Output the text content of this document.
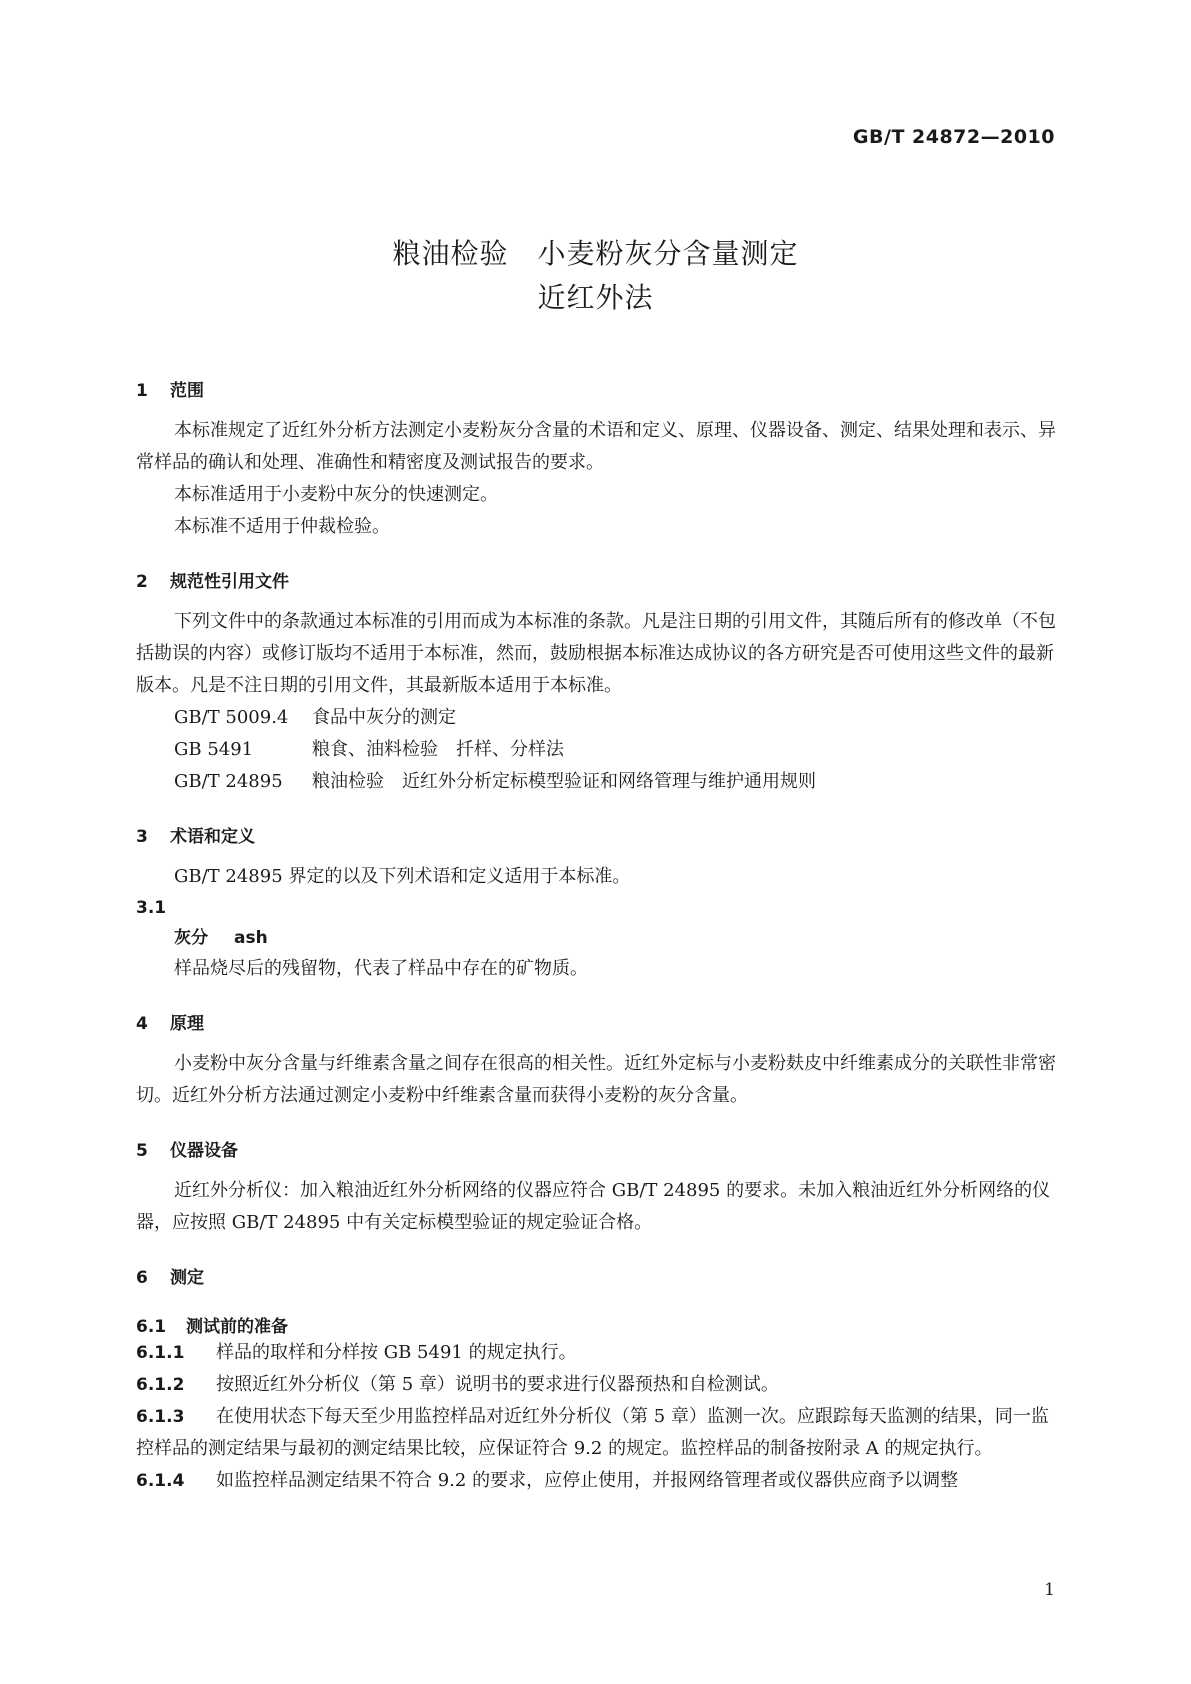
GB/T 24872—2010
粮油检验　小麦粉灰分含量测定
近红外法

1 范围

本标准规定了近红外分析方法测定小麦粉灰分含量的术语和定义、原理、仪器设备、测定、结果处理和表示、异常样品的确认和处理、准确性和精密度及测试报告的要求。

本标准适用于小麦粉中灰分的快速测定。

本标准不适用于仲裁检验。

2 规范性引用文件

下列文件中的条款通过本标准的引用而成为本标准的条款。凡是注日期的引用文件，其随后所有的修改单（不包括勘误的内容）或修订版均不适用于本标准，然而，鼓励根据本标准达成协议的各方研究是否可使用这些文件的最新版本。凡是不注日期的引用文件，其最新版本适用于本标准。

GB/T 5009.4 食品中灰分的测定

GB 5491	粮食、油料检验　扦样、分样法

GB/T 24895 粮油检验　近红外分析定标模型验证和网络管理与维护通用规则

3 术语和定义

GB/T 24895 界定的以及下列术语和定义适用于本标准。

3.1

灰分 ash

样品烧尽后的残留物，代表了样品中存在的矿物质。

4 原理

小麦粉中灰分含量与纤维素含量之间存在很高的相关性。近红外定标与小麦粉麸皮中纤维素成分的关联性非常密切。近红外分析方法通过测定小麦粉中纤维素含量而获得小麦粉的灰分含量。

5 仪器设备

近红外分析仪：加入粮油近红外分析网络的仪器应符合 GB/T 24895 的要求。未加入粮油近红外分析网络的仪器，应按照 GB/T 24895 中有关定标模型验证的规定验证合格。

6 测定

6.1 测试前的准备

6.1.1 样品的取样和分样按 GB 5491 的规定执行。

6.1.2 按照近红外分析仪（第 5 章）说明书的要求进行仪器预热和自检测试。

6.1.3 在使用状态下每天至少用监控样品对近红外分析仪（第 5 章）监测一次。应跟踪每天监测的结果，同一监控样品的测定结果与最初的测定结果比较，应保证符合 9.2 的规定。监控样品的制备按附录 A 的规定执行。

6.1.4 如监控样品测定结果不符合 9.2 的要求，应停止使用，并报网络管理者或仪器供应商予以调整

1
